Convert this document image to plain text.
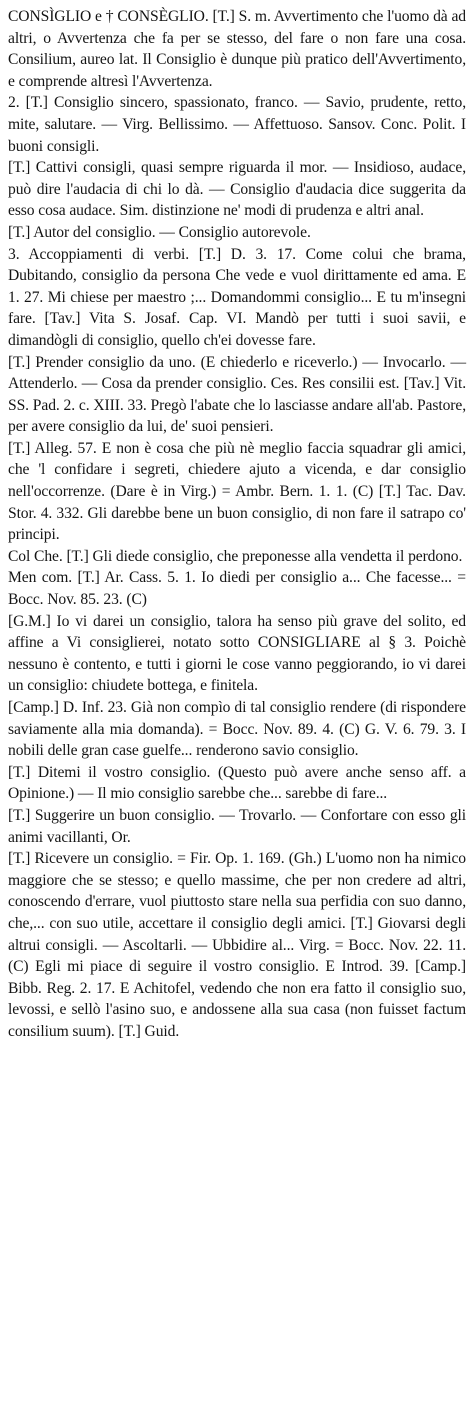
CONSÌGLIO e † CONSÈGLIO. [T.] S. m. Avvertimento che l'uomo dà ad altri, o Avvertenza che fa per se stesso, del fare o non fare una cosa. Consilium, aureo lat. Il Consiglio è dunque più pratico dell'Avvertimento, e comprende altresì l'Avvertenza.

2. [T.] Consiglio sincero, spassionato, franco. — Savio, prudente, retto, mite, salutare. — Virg. Bellissimo. — Affettuoso. Sansov. Conc. Polit. I buoni consigli.

[T.] Cattivi consigli, quasi sempre riguarda il mor. — Insidioso, audace, può dire l'audacia di chi lo dà. — Consiglio d'audacia dice suggerita da esso cosa audace. Sim. distinzione ne' modi di prudenza e altri anal.

[T.] Autor del consiglio. — Consiglio autorevole.

3. Accoppiamenti di verbi. [T.] D. 3. 17. Come colui che brama, Dubitando, consiglio da persona Che vede e vuol dirittamente ed ama. E 1. 27. Mi chiese per maestro ;... Domandommi consiglio... E tu m'insegni fare. [Tav.] Vita S. Josaf. Cap. VI. Mandò per tutti i suoi savii, e dimandògli di consiglio, quello ch'ei dovesse fare.

[T.] Prender consiglio da uno. (E chiederlo e riceverlo.) — Invocarlo. — Attenderlo. — Cosa da prender consiglio. Ces. Res consilii est. [Tav.] Vit. SS. Pad. 2. c. XIII. 33. Pregò l'abate che lo lasciasse andare all'ab. Pastore, per avere consiglio da lui, de' suoi pensieri.

[T.] Alleg. 57. E non è cosa che più nè meglio faccia squadrar gli amici, che 'l confidare i segreti, chiedere ajuto a vicenda, e dar consiglio nell'occorrenze. (Dare è in Virg.) = Ambr. Bern. 1. 1. (C) [T.] Tac. Dav. Stor. 4. 332. Gli darebbe bene un buon consiglio, di non fare il satrapo co' principi.

Col Che. [T.] Gli diede consiglio, che preponesse alla vendetta il perdono.

Men com. [T.] Ar. Cass. 5. 1. Io diedi per consiglio a... Che facesse... = Bocc. Nov. 85. 23. (C)

[G.M.] Io vi darei un consiglio, talora ha senso più grave del solito, ed affine a Vi consiglierei, notato sotto CONSIGLIARE al § 3. Poichè nessuno è contento, e tutti i giorni le cose vanno peggiorando, io vi darei un consiglio: chiudete bottega, e finitela.

[Camp.] D. Inf. 23. Già non compìo di tal consiglio rendere (di rispondere saviamente alla mia domanda). = Bocc. Nov. 89. 4. (C) G. V. 6. 79. 3. I nobili delle gran case guelfe... renderono savio consiglio.

[T.] Ditemi il vostro consiglio. (Questo può avere anche senso aff. a Opinione.) — Il mio consiglio sarebbe che... sarebbe di fare...

[T.] Suggerire un buon consiglio. — Trovarlo. — Confortare con esso gli animi vacillanti, Or.

[T.] Ricevere un consiglio. = Fir. Op. 1. 169. (Gh.) L'uomo non ha nimico maggiore che se stesso; e quello massime, che per non credere ad altri, conoscendo d'errare, vuol piuttosto stare nella sua perfidia con suo danno, che,... con suo utile, accettare il consiglio degli amici. [T.] Giovarsi degli altrui consigli. — Ascoltarli. — Ubbidire al... Virg. = Bocc. Nov. 22. 11. (C) Egli mi piace di seguire il vostro consiglio. E Introd. 39. [Camp.] Bibb. Reg. 2. 17. E Achitofel, vedendo che non era fatto il consiglio suo, levossi, e sellò l'asino suo, e andossene alla sua casa (non fuisset factum consilium suum). [T.] Guid.
